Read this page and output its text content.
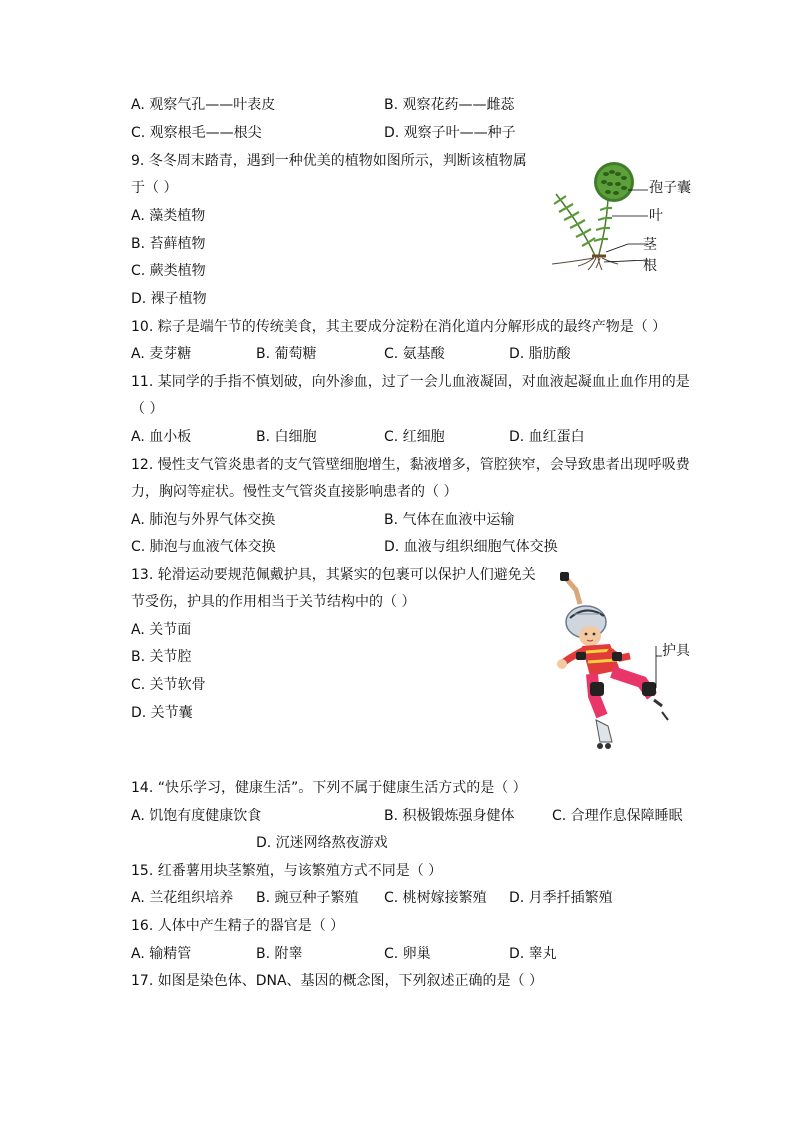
A. 观察气孔——叶表皮	B. 观察花药——雌蕊
C. 观察根毛——根尖	D. 观察子叶——种子
9. 冬冬周末踏青，遇到一种优美的植物如图所示，判断该植物属
于（ ）
A. 藻类植物
B. 苔藓植物
C. 蕨类植物
D. 裸子植物
孢子囊
叶
茎
根
10. 粽子是端午节的传统美食，其主要成分淀粉在消化道内分解形成的最终产物是（ ）
A. 麦芽糖	B. 葡萄糖	C. 氨基酸	D. 脂肪酸
11. 某同学的手指不慎划破，向外渗血，过了一会儿血液凝固，对血液起凝血止血作用的是
（ ）
A. 血小板	B. 白细胞	C. 红细胞	D. 血红蛋白
12. 慢性支气管炎患者的支气管壁细胞增生，黏液增多，管腔狭窄，会导致患者出现呼吸费
力，胸闷等症状。慢性支气管炎直接影响患者的（ ）
A. 肺泡与外界气体交换	B. 气体在血液中运输
C. 肺泡与血液气体交换	D. 血液与组织细胞气体交换
13. 轮滑运动要规范佩戴护具，其紧实的包裹可以保护人们避免关
节受伤，护具的作用相当于关节结构中的（ ）
A. 关节面
B. 关节腔
C. 关节软骨
D. 关节囊
护具
14. “快乐学习，健康生活”。下列不属于健康生活方式的是（ ）
A. 饥饱有度健康饮食	B. 积极锻炼强身健体	C. 合理作息保障睡眠
D. 沉迷网络熬夜游戏
15. 红番薯用块茎繁殖，与该繁殖方式不同是（ ）
A. 兰花组织培养 B. 豌豆种子繁殖 C. 桃树嫁接繁殖 D. 月季扦插繁殖
16. 人体中产生精子的器官是（ ）
A. 输精管	B. 附睾	C. 卵巢	D. 睾丸
17. 如图是染色体、DNA、基因的概念图，下列叙述正确的是（ ）
